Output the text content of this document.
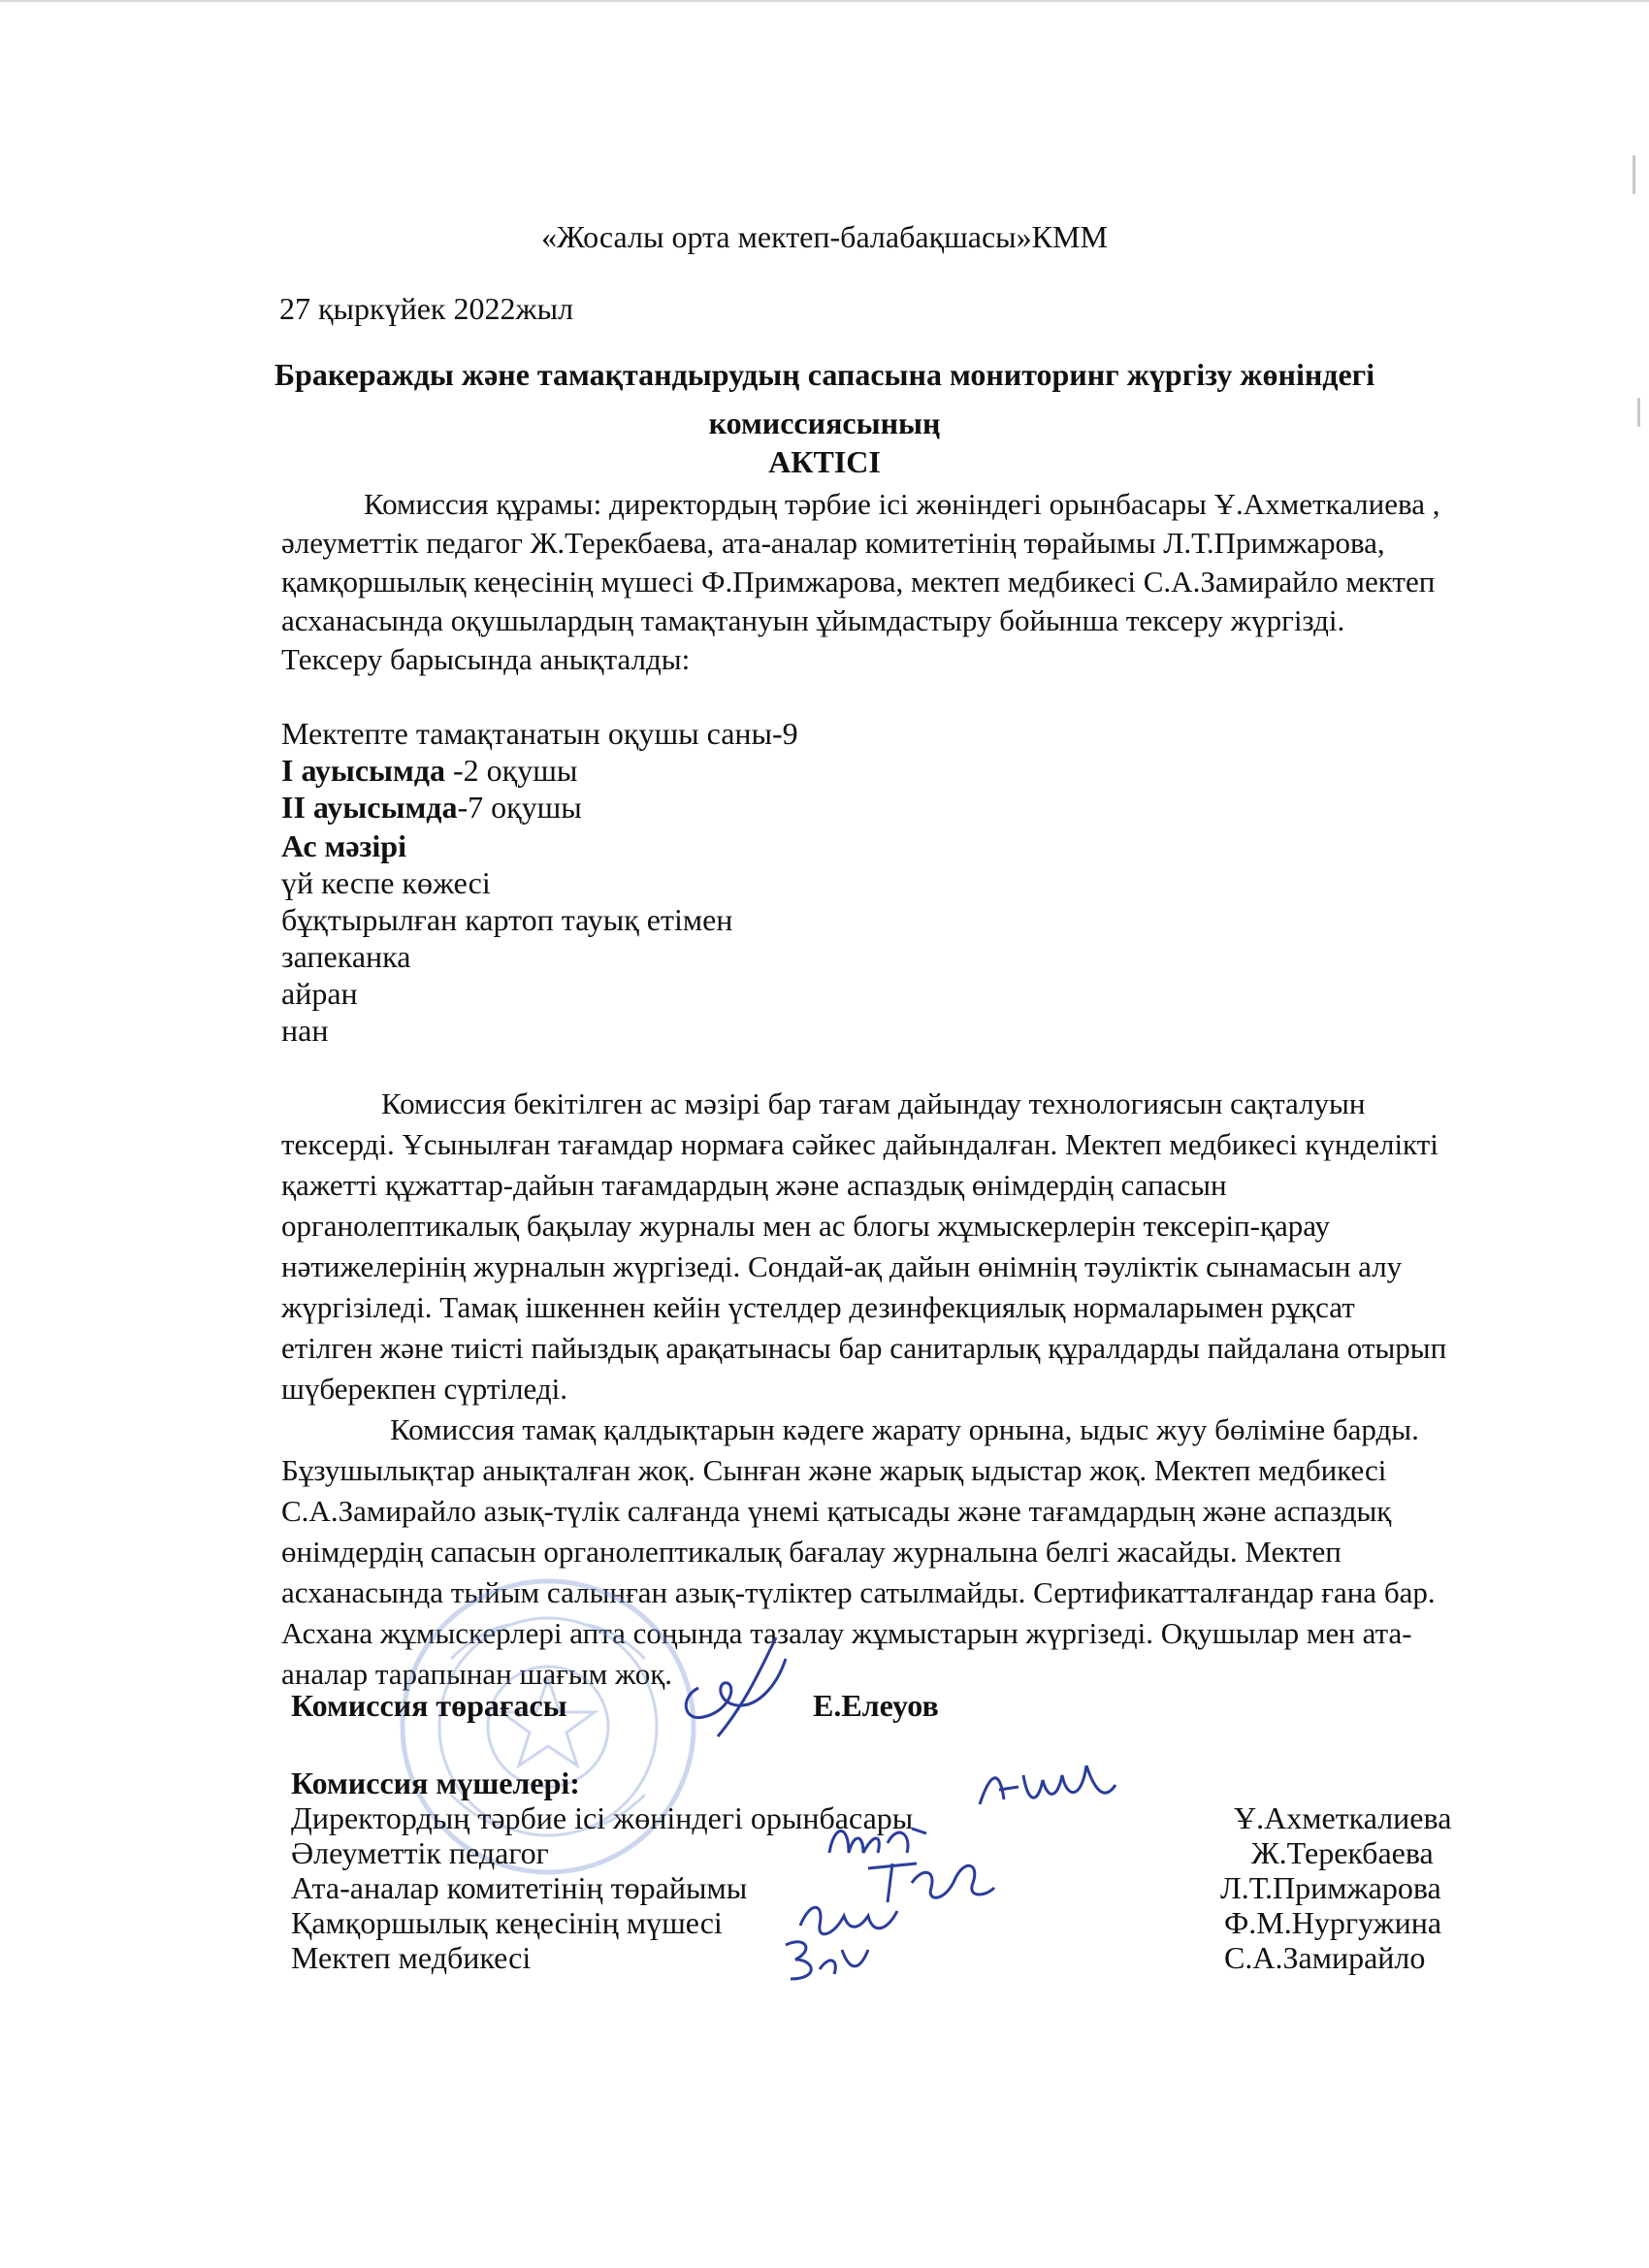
«Жосалы орта мектеп-балабақшасы»КММ
27 қыркүйек 2022жыл
Бракеражды және тамақтандырудың сапасына мониторинг жүргізу жөніндегі
комиссиясының
АКТІСІ
Комиссия құрамы: директордың тәрбие ісі жөніндегі орынбасары Ұ.Ахметкалиева ,
әлеуметтік педагог Ж.Терекбаева, ата-аналар комитетінің төрайымы Л.Т.Примжарова,
қамқоршылық кеңесінің мүшесі Ф.Примжарова, мектеп медбикесі С.А.Замирайло мектеп
асханасында оқушылардың тамақтануын ұйымдастыру бойынша тексеру жүргізді.
Тексеру барысында анықталды:
Мектепте тамақтанатын оқушы саны-9
І ауысымда -2 оқушы
ІІ ауысымда-7 оқушы
Ас мәзірі
үй кеспе көжесі
бұқтырылған картоп тауық етімен
запеканка
айран
нан
Комиссия бекітілген ас мәзірі бар тағам дайындау технологиясын сақталуын
тексерді. Ұсынылған тағамдар нормаға сәйкес дайындалған. Мектеп медбикесі күнделікті
қажетті құжаттар-дайын тағамдардың және аспаздық өнімдердің сапасын
органолептикалық бақылау журналы мен ас блогы жұмыскерлерін тексеріп-қарау
нәтижелерінің журналын жүргізеді. Сондай-ақ дайын өнімнің тәуліктік сынамасын алу
жүргізіледі. Тамақ ішкеннен кейін үстелдер дезинфекциялық нормаларымен рұқсат
етілген және тиісті пайыздық арақатынасы бар санитарлық құралдарды пайдалана отырып
шүберекпен сүртіледі.
Комиссия тамақ қалдықтарын кәдеге жарату орнына, ыдыс жуу бөліміне барды.
Бұзушылықтар анықталған жоқ. Сынған және жарық ыдыстар жоқ. Мектеп медбикесі
С.А.Замирайло азық-түлік салғанда үнемі қатысады және тағамдардың және аспаздық
өнімдердің сапасын органолептикалық бағалау журналына белгі жасайды. Мектеп
асханасында тыйым салынған азық-түліктер сатылмайды. Сертификатталғандар ғана бар.
Асхана жұмыскерлері апта соңында тазалау жұмыстарын жүргізеді. Оқушылар мен ата-
аналар тарапынан шағым жоқ.
Комиссия төрағасы	Е.Елеуов
Комиссия мүшелері:
Директордың тәрбие ісі жөніндегі орынбасары	Ұ.Ахметкалиева
Әлеуметтік педагог	Ж.Терекбаева
Ата-аналар комитетінің төрайымы	Л.Т.Примжарова
Қамқоршылық кеңесінің мүшесі	Ф.М.Нургужина
Мектеп медбикесі	С.А.Замирайло
